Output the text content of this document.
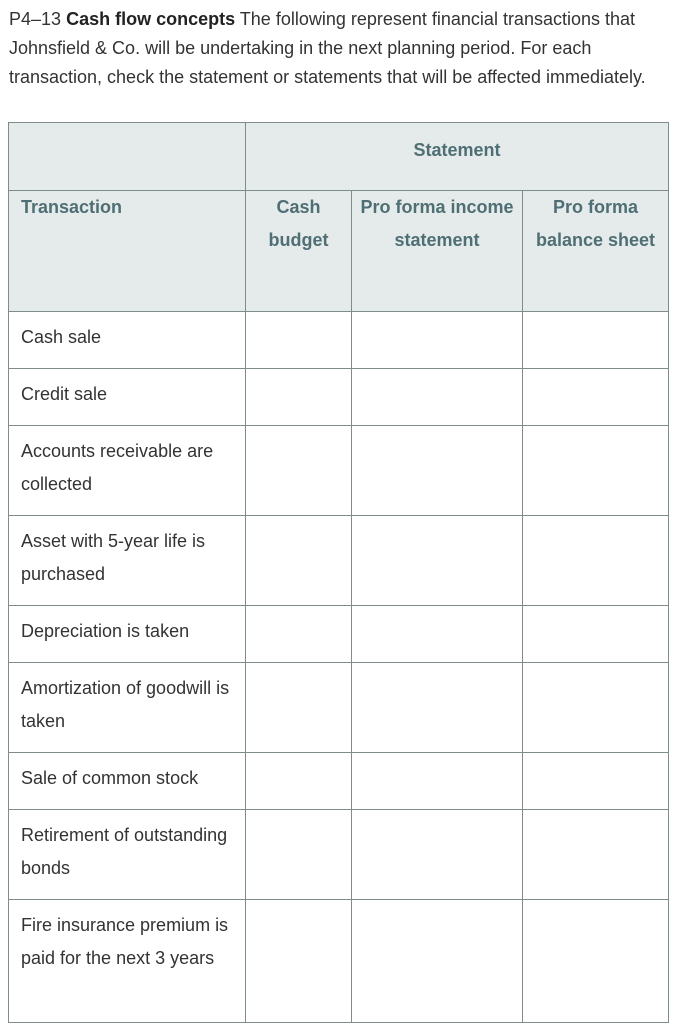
P4–13 Cash flow concepts The following represent financial transactions that Johnsfield & Co. will be undertaking in the next planning period. For each transaction, check the statement or statements that will be affected immediately.

	Statement		
Transaction	Cash budget	Pro forma income statement	Pro forma balance sheet
Cash sale			
Credit sale			
Accounts receivable are collected			
Asset with 5-year life is purchased			
Depreciation is taken			
Amortization of goodwill is taken			
Sale of common stock			
Retirement of outstanding bonds			
Fire insurance premium is paid for the next 3 years			
